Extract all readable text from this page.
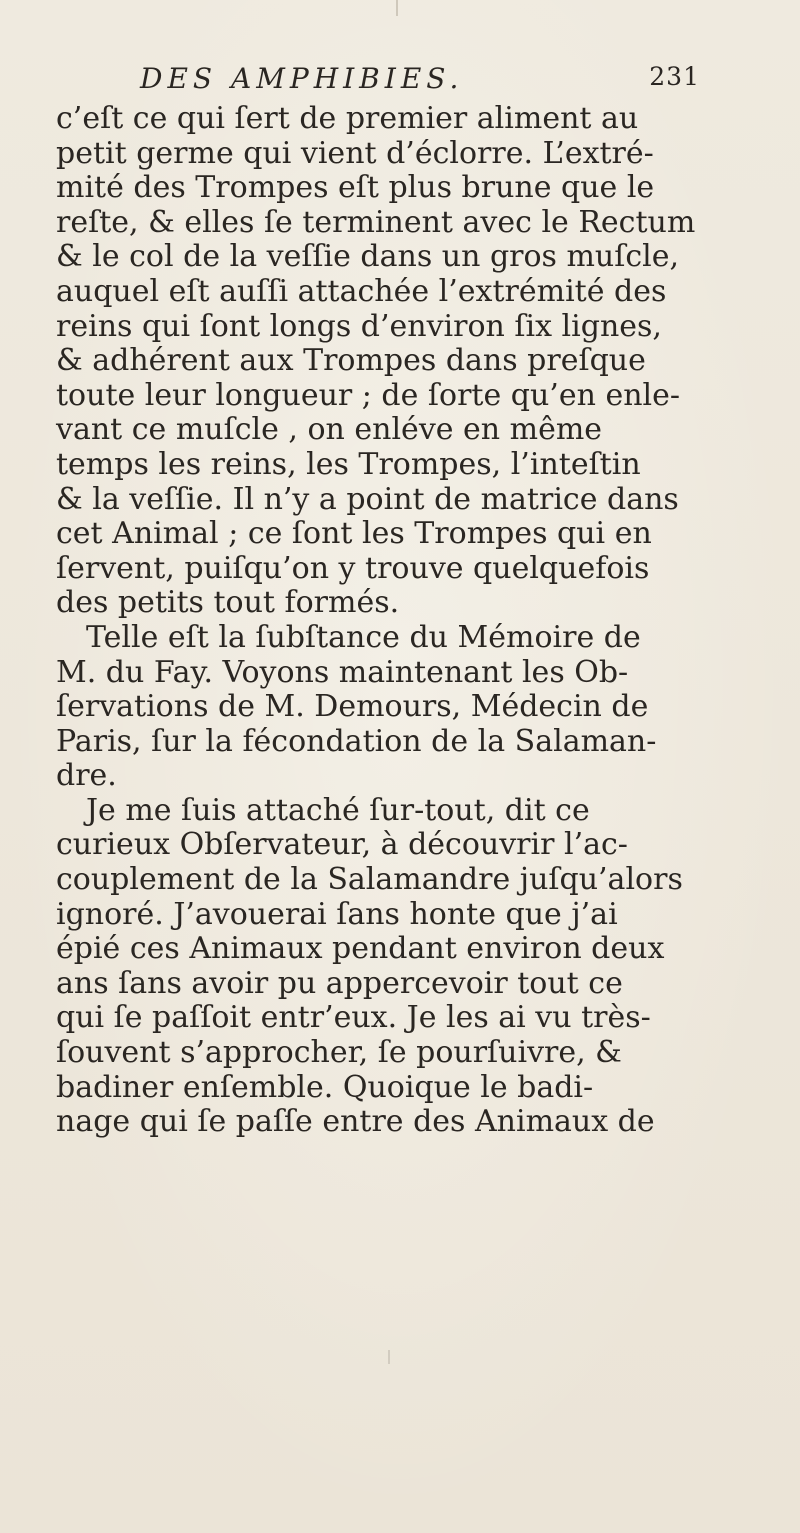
DES AMPHIBIES.	231
c’eſt ce qui ſert de premier aliment au
petit germe qui vient d’éclorre. L’extré-
mité des Trompes eſt plus brune que le
reſte, & elles ſe terminent avec le Rectum
& le col de la veſſie dans un gros muſcle,
auquel eſt auſſi attachée l’extrémité des
reins qui ſont longs d’environ ſix lignes,
& adhérent aux Trompes dans preſque
toute leur longueur ; de ſorte qu’en enle-
vant ce muſcle , on enléve en même
temps les reins, les Trompes, l’inteſtin
& la veſſie. Il n’y a point de matrice dans
cet Animal ; ce ſont les Trompes qui en
ſervent, puiſqu’on y trouve quelquefois
des petits tout formés.
Telle eſt la ſubſtance du Mémoire de
M. du Fay. Voyons maintenant les Ob-
ſervations de M. Demours, Médecin de
Paris, ſur la fécondation de la Salaman-
dre.
Je me ſuis attaché ſur-tout, dit ce
curieux Obſervateur, à découvrir l’ac-
couplement de la Salamandre juſqu’alors
ignoré. J’avouerai ſans honte que j’ai
épié ces Animaux pendant environ deux
ans ſans avoir pu appercevoir tout ce
qui ſe paſſoit entr’eux. Je les ai vu très-
ſouvent s’approcher, ſe pourſuivre, &
badiner enſemble. Quoique le badi-
nage qui ſe paſſe entre des Animaux de
